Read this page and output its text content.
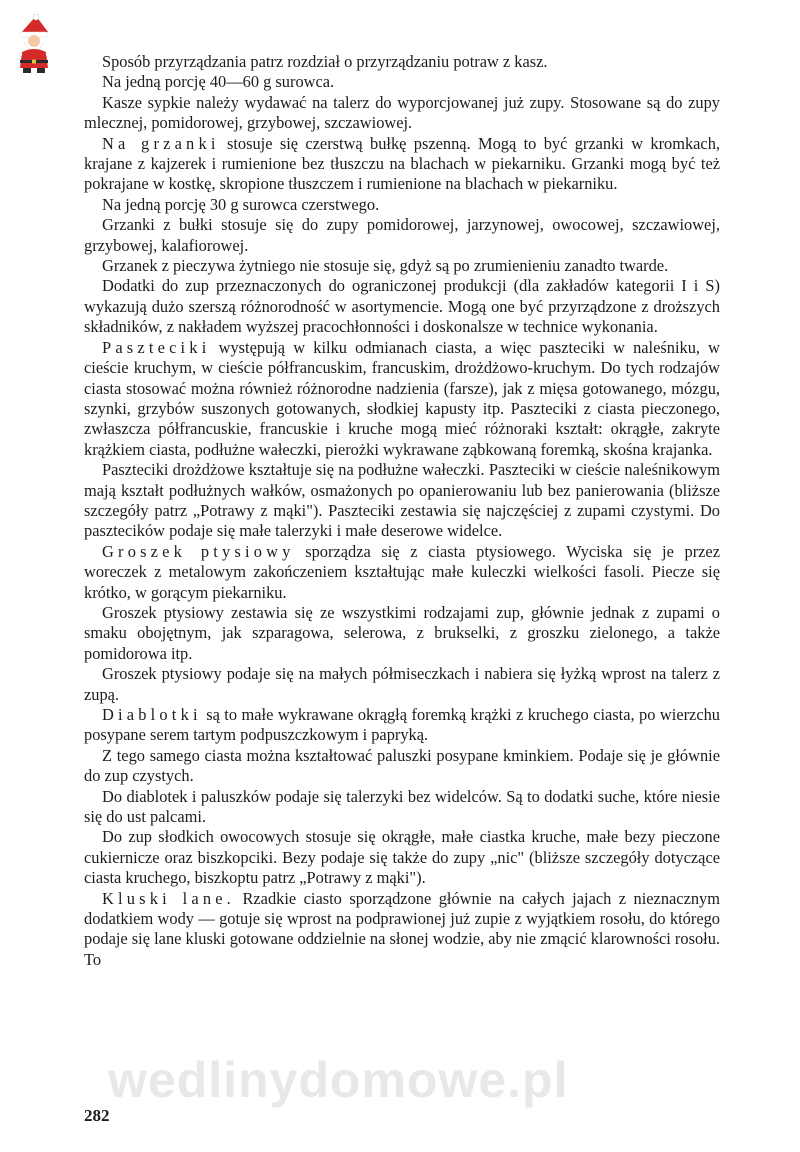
Sposób przyrządzania patrz rozdział o przyrządzaniu potraw z kasz.

Na jedną porcję 40—60 g surowca.

Kasze sypkie należy wydawać na talerz do wyporcjowanej już zupy. Stosowane są do zupy mlecznej, pomidorowej, grzybowej, szczawiowej.

Na grzanki stosuje się czerstwą bułkę pszenną. Mogą to być grzanki w kromkach, krajane z kajzerek i rumienione bez tłuszczu na blachach w piekarniku. Grzanki mogą być też pokrajane w kostkę, skropione tłuszczem i rumienione na blachach w piekarniku.

Na jedną porcję 30 g surowca czerstwego.

Grzanki z bułki stosuje się do zupy pomidorowej, jarzynowej, owocowej, szczawiowej, grzybowej, kalafiorowej.

Grzanek z pieczywa żytniego nie stosuje się, gdyż są po zrumienieniu zanadto twarde.

Dodatki do zup przeznaczonych do ograniczonej produkcji (dla zakładów kategorii I i S) wykazują dużo szerszą różnorodność w asortymencie. Mogą one być przyrządzone z droższych składników, z nakładem wyższej pracochłonności i doskonalsze w technice wykonania.

Paszteciki występują w kilku odmianach ciasta, a więc paszteciki w naleśniku, w cieście kruchym, w cieście półfrancuskim, francuskim, drożdżowo-kruchym. Do tych rodzajów ciasta stosować można również różnorodne nadzienia (farsze), jak z mięsa gotowanego, mózgu, szynki, grzybów suszonych gotowanych, słodkiej kapusty itp. Paszteciki z ciasta pieczonego, zwłaszcza półfrancuskie, francuskie i kruche mogą mieć różnoraki kształt: okrągłe, zakryte krążkiem ciasta, podłużne wałeczki, pierożki wykrawane ząbkowaną foremką, skośna krajanka.

Paszteciki drożdżowe kształtuje się na podłużne wałeczki. Paszteciki w cieście naleśnikowym mają kształt podłużnych wałków, osmażonych po opanierowaniu lub bez panierowania (bliższe szczegóły patrz „Potrawy z mąki"). Paszteciki zestawia się najczęściej z zupami czystymi. Do pasztecików podaje się małe talerzyki i małe deserowe widelce.

Groszek ptysiowy sporządza się z ciasta ptysiowego. Wyciska się je przez woreczek z metalowym zakończeniem kształtując małe kuleczki wielkości fasoli. Piecze się krótko, w gorącym piekarniku.

Groszek ptysiowy zestawia się ze wszystkimi rodzajami zup, głównie jednak z zupami o smaku obojętnym, jak szparagowa, selerowa, z brukselki, z groszku zielonego, a także pomidorowa itp.

Groszek ptysiowy podaje się na małych półmiseczkach i nabiera się łyżką wprost na talerz z zupą.

Diablotki są to małe wykrawane okrągłą foremką krążki z kruchego ciasta, po wierzchu posypane serem tartym podpuszczkowym i papryką.

Z tego samego ciasta można kształtować paluszki posypane kminkiem. Podaje się je głównie do zup czystych.

Do diablotek i paluszków podaje się talerzyki bez widelców. Są to dodatki suche, które niesie się do ust palcami.

Do zup słodkich owocowych stosuje się okrągłe, małe ciastka kruche, małe bezy pieczone cukiernicze oraz biszkopciki. Bezy podaje się także do zupy „nic" (bliższe szczegóły dotyczące ciasta kruchego, biszkoptu patrz „Potrawy z mąki").

Kluski lane. Rzadkie ciasto sporządzone głównie na całych jajach z nieznacznym dodatkiem wody — gotuje się wprost na podprawionej już zupie z wyjątkiem rosołu, do którego podaje się lane kluski gotowane oddzielnie na słonej wodzie, aby nie zmącić klarowności rosołu. To

wedlinydomowe.pl
282
